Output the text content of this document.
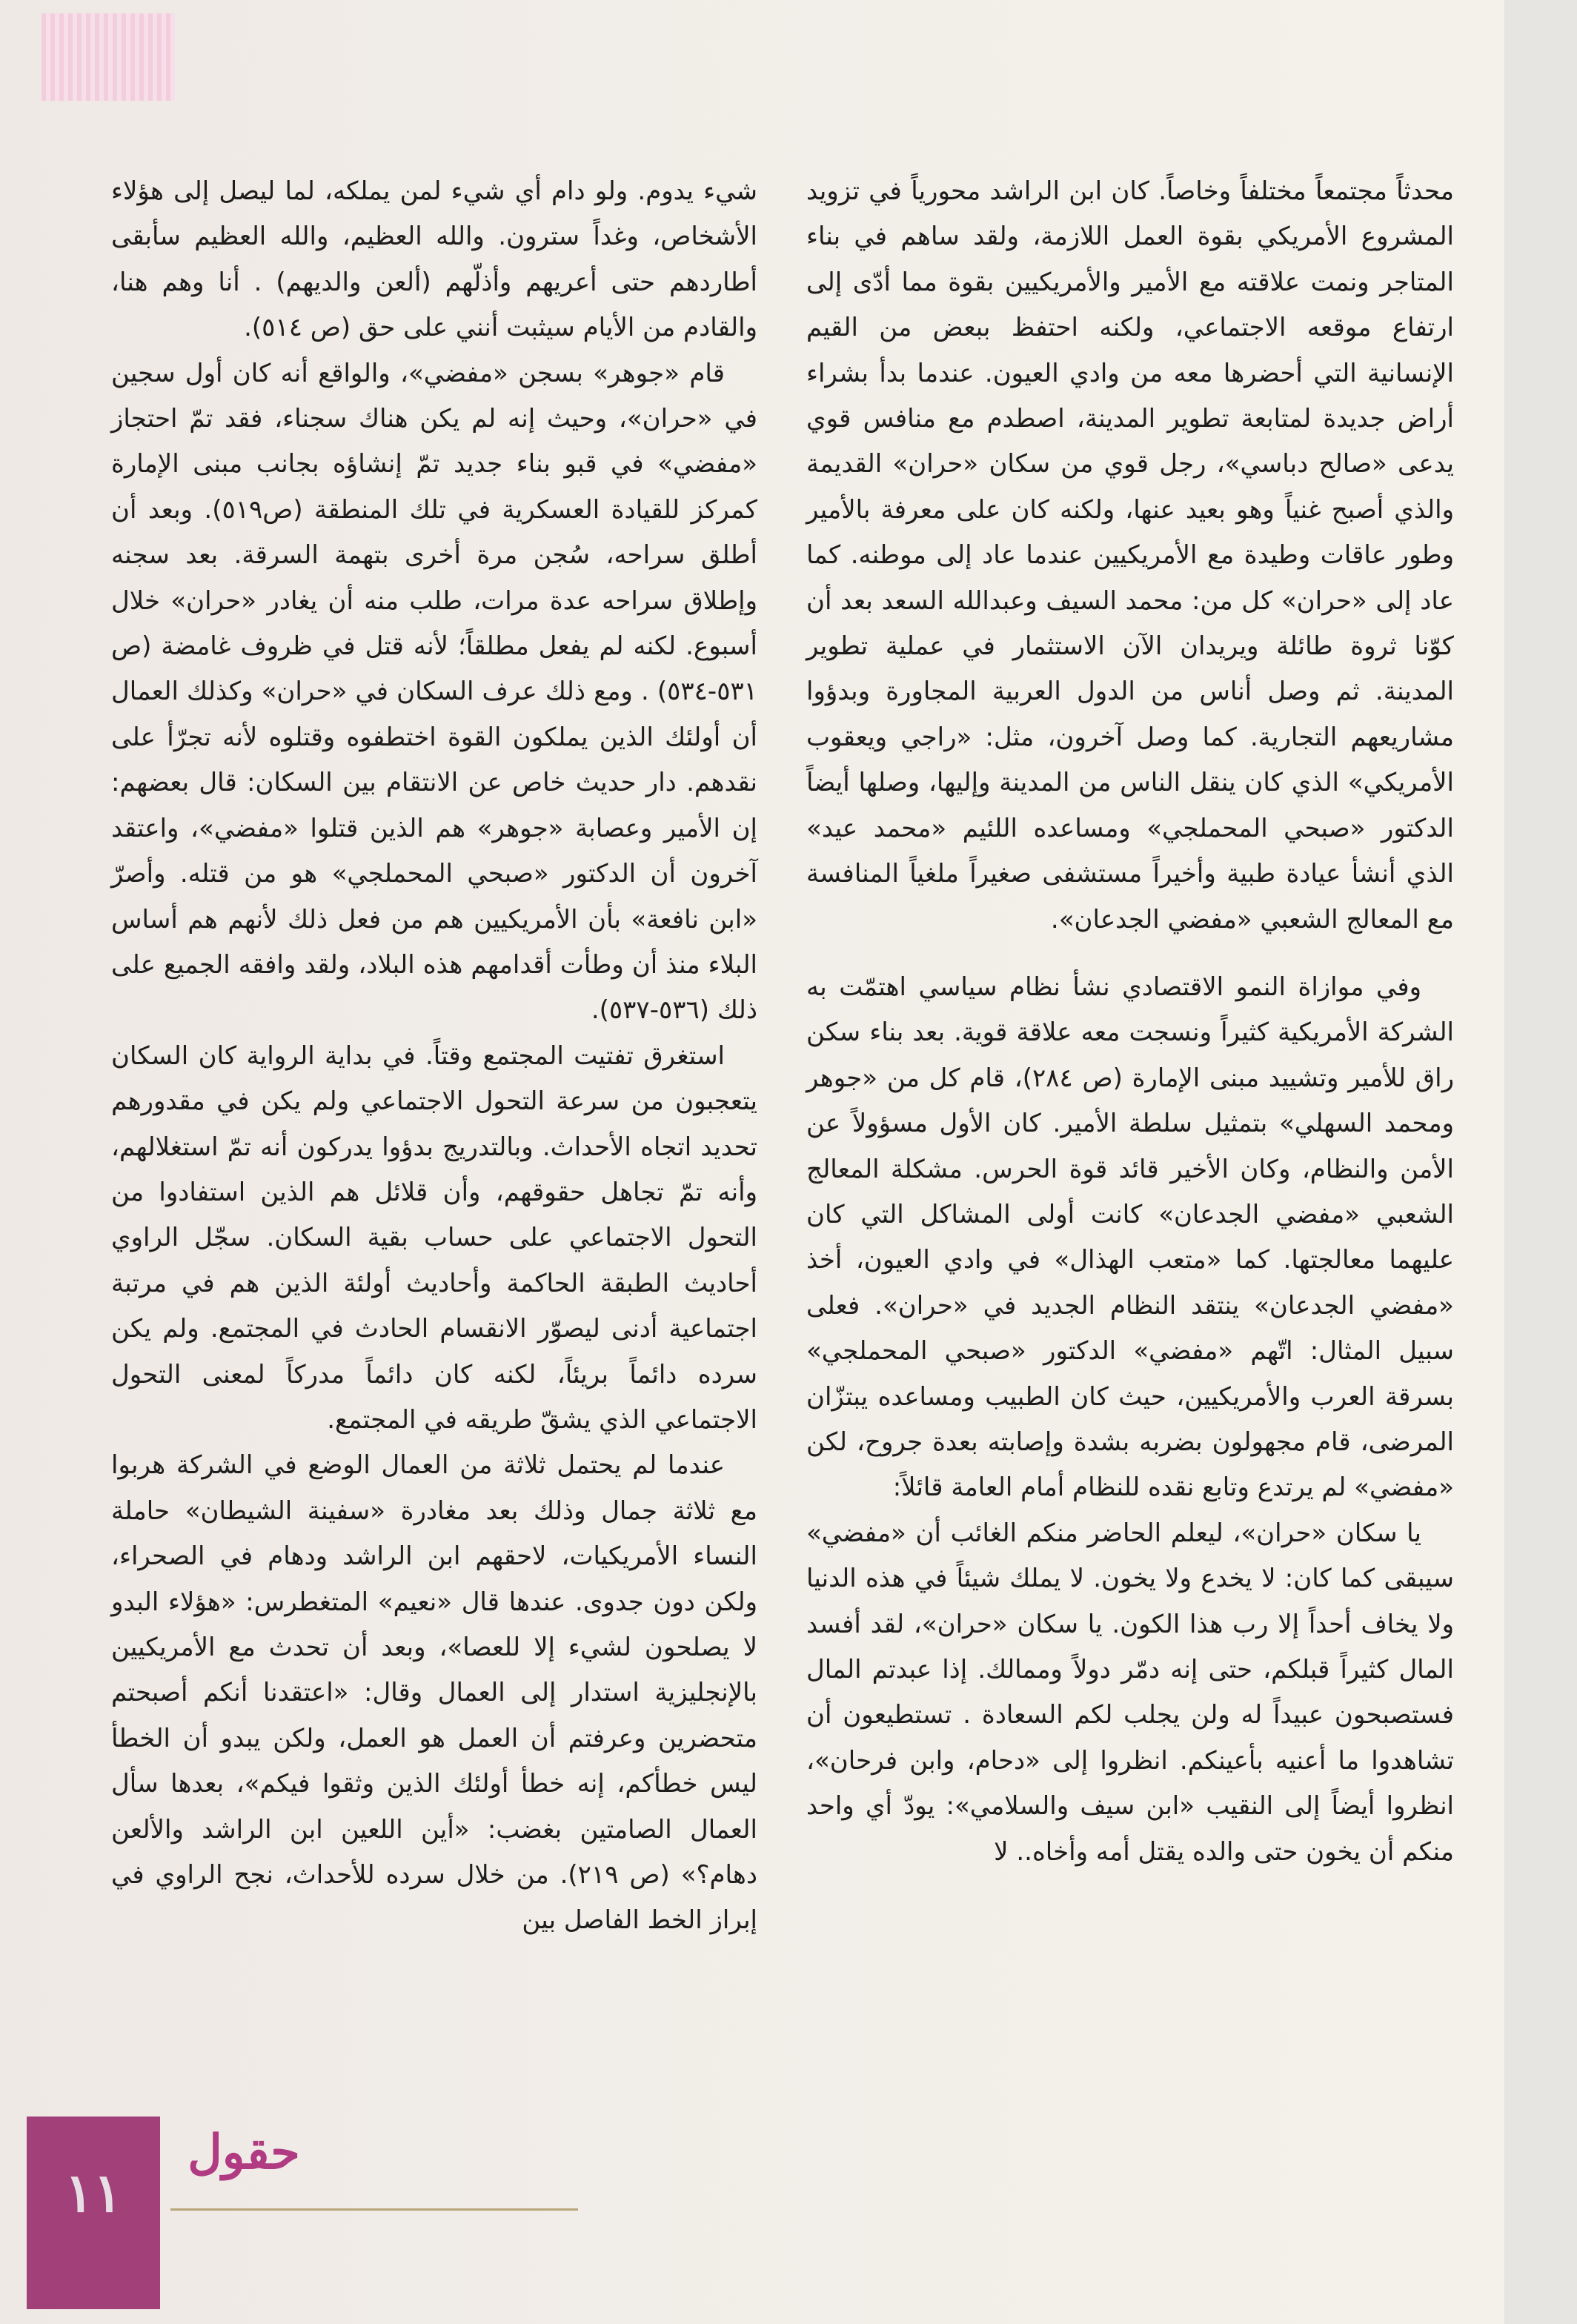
محدثاً مجتمعاً مختلفاً وخاصاً. كان ابن الراشد محورياً في تزويد المشروع الأمريكي بقوة العمل اللازمة، ولقد ساهم في بناء المتاجر ونمت علاقته مع الأمير والأمريكيين بقوة مما أدّى إلى ارتفاع موقعه الاجتماعي، ولكنه احتفظ ببعض من القيم الإنسانية التي أحضرها معه من وادي العيون. عندما بدأ بشراء أراض جديدة لمتابعة تطوير المدينة، اصطدم مع منافس قوي يدعى «صالح دباسي»، رجل قوي من سكان «حران» القديمة والذي أصبح غنياً وهو بعيد عنها، ولكنه كان على معرفة بالأمير وطور عاقات وطيدة مع الأمريكيين عندما عاد إلى موطنه. كما عاد إلى «حران» كل من: محمد السيف وعبدالله السعد بعد أن كوّنا ثروة طائلة ويريدان الآن الاستثمار في عملية تطوير المدينة. ثم وصل أناس من الدول العربية المجاورة وبدؤوا مشاريعهم التجارية. كما وصل آخرون، مثل: «راجي ويعقوب الأمريكي» الذي كان ينقل الناس من المدينة وإليها، وصلها أيضاً الدكتور «صبحي المحملجي» ومساعده اللئيم «محمد عيد» الذي أنشأ عيادة طبية وأخيراً مستشفى صغيراً ملغياً المنافسة مع المعالج الشعبي «مفضي الجدعان».

وفي موازاة النمو الاقتصادي نشأ نظام سياسي اهتمّت به الشركة الأمريكية كثيراً ونسجت معه علاقة قوية. بعد بناء سكن راق للأمير وتشييد مبنى الإمارة (ص ٢٨٤)، قام كل من «جوهر ومحمد السهلي» بتمثيل سلطة الأمير. كان الأول مسؤولاً عن الأمن والنظام، وكان الأخير قائد قوة الحرس. مشكلة المعالج الشعبي «مفضي الجدعان» كانت أولى المشاكل التي كان عليهما معالجتها. كما «متعب الهذال» في وادي العيون، أخذ «مفضي الجدعان» ينتقد النظام الجديد في «حران». فعلى سبيل المثال: اتّهم «مفضي» الدكتور «صبحي المحملجي» بسرقة العرب والأمريكيين، حيث كان الطبيب ومساعده يبتزّان المرضى، قام مجهولون بضربه بشدة وإصابته بعدة جروح، لكن «مفضي» لم يرتدع وتابع نقده للنظام أمام العامة قائلاً:

يا سكان «حران»، ليعلم الحاضر منكم الغائب أن «مفضي» سيبقى كما كان: لا يخدع ولا يخون. لا يملك شيئاً في هذه الدنيا ولا يخاف أحداً إلا رب هذا الكون. يا سكان «حران»، لقد أفسد المال كثيراً قبلكم، حتى إنه دمّر دولاً وممالك. إذا عبدتم المال فستصبحون عبيداً له ولن يجلب لكم السعادة . تستطيعون أن تشاهدوا ما أعنيه بأعينكم. انظروا إلى «دحام، وابن فرحان»، انظروا أيضاً إلى النقيب «ابن سيف والسلامي»: يودّ أي واحد منكم أن يخون حتى والده يقتل أمه وأخاه.. لا

شيء يدوم. ولو دام أي شيء لمن يملكه، لما ليصل إلى هؤلاء الأشخاص، وغداً سترون. والله العظيم، والله العظيم سأبقى أطاردهم حتى أعريهم وأذلّهم (ألعن والديهم) . أنا وهم هنا، والقادم من الأيام سيثبت أنني على حق (ص ٥١٤).

قام «جوهر» بسجن «مفضي»، والواقع أنه كان أول سجين في «حران»، وحيث إنه لم يكن هناك سجناء، فقد تمّ احتجاز «مفضي» في قبو بناء جديد تمّ إنشاؤه بجانب مبنى الإمارة كمركز للقيادة العسكرية في تلك المنطقة (ص٥١٩). وبعد أن أطلق سراحه، سُجن مرة أخرى بتهمة السرقة. بعد سجنه وإطلاق سراحه عدة مرات، طلب منه أن يغادر «حران» خلال أسبوع. لكنه لم يفعل مطلقاً؛ لأنه قتل في ظروف غامضة (ص ٥٣١-٥٣٤) . ومع ذلك عرف السكان في «حران» وكذلك العمال أن أولئك الذين يملكون القوة اختطفوه وقتلوه لأنه تجرّأ على نقدهم. دار حديث خاص عن الانتقام بين السكان: قال بعضهم: إن الأمير وعصابة «جوهر» هم الذين قتلوا «مفضي»، واعتقد آخرون أن الدكتور «صبحي المحملجي» هو من قتله. وأصرّ «ابن نافعة» بأن الأمريكيين هم من فعل ذلك لأنهم هم أساس البلاء منذ أن وطأت أقدامهم هذه البلاد، ولقد وافقه الجميع على ذلك (٥٣٦-٥٣٧).

استغرق تفتيت المجتمع وقتاً. في بداية الرواية كان السكان يتعجبون من سرعة التحول الاجتماعي ولم يكن في مقدورهم تحديد اتجاه الأحداث. وبالتدريج بدؤوا يدركون أنه تمّ استغلالهم، وأنه تمّ تجاهل حقوقهم، وأن قلائل هم الذين استفادوا من التحول الاجتماعي على حساب بقية السكان. سجّل الراوي أحاديث الطبقة الحاكمة وأحاديث أولئة الذين هم في مرتبة اجتماعية أدنى ليصوّر الانقسام الحادث في المجتمع. ولم يكن سرده دائماً بريئاً، لكنه كان دائماً مدركاً لمعنى التحول الاجتماعي الذي يشقّ طريقه في المجتمع.

عندما لم يحتمل ثلاثة من العمال الوضع في الشركة هربوا مع ثلاثة جمال وذلك بعد مغادرة «سفينة الشيطان» حاملة النساء الأمريكيات، لاحقهم ابن الراشد ودهام في الصحراء، ولكن دون جدوى. عندها قال «نعيم» المتغطرس: «هؤلاء البدو لا يصلحون لشيء إلا للعصا»، وبعد أن تحدث مع الأمريكيين بالإنجليزية استدار إلى العمال وقال: «اعتقدنا أنكم أصبحتم متحضرين وعرفتم أن العمل هو العمل، ولكن يبدو أن الخطأ ليس خطأكم، إنه خطأ أولئك الذين وثقوا فيكم»، بعدها سأل العمال الصامتين بغضب: «أين اللعين ابن الراشد والألعن دهام؟» (ص ٢١٩). من خلال سرده للأحداث، نجح الراوي في إبراز الخط الفاصل بين

١١
حقول
